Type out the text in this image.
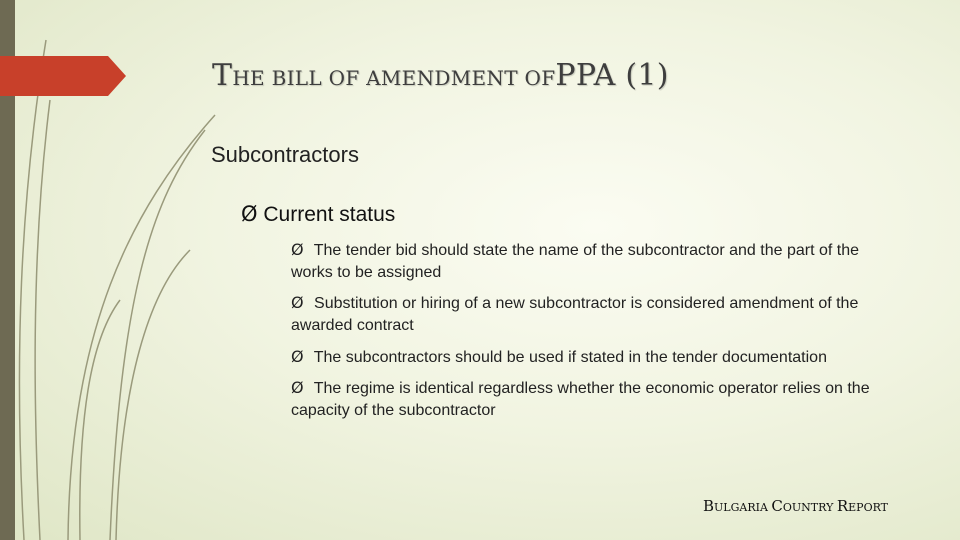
THE BILL OF AMENDMENT OFPPA (1)
Subcontractors
Ø Current status
Ø The tender bid should state the name of the subcontractor and the part of the works to be assigned
Ø Substitution or hiring of a new subcontractor is considered amendment of the awarded contract
Ø The subcontractors should be used if stated in the tender documentation
Ø The regime is identical regardless whether the economic operator relies on the capacity of the subcontractor
BULGARIA COUNTRY REPORT
